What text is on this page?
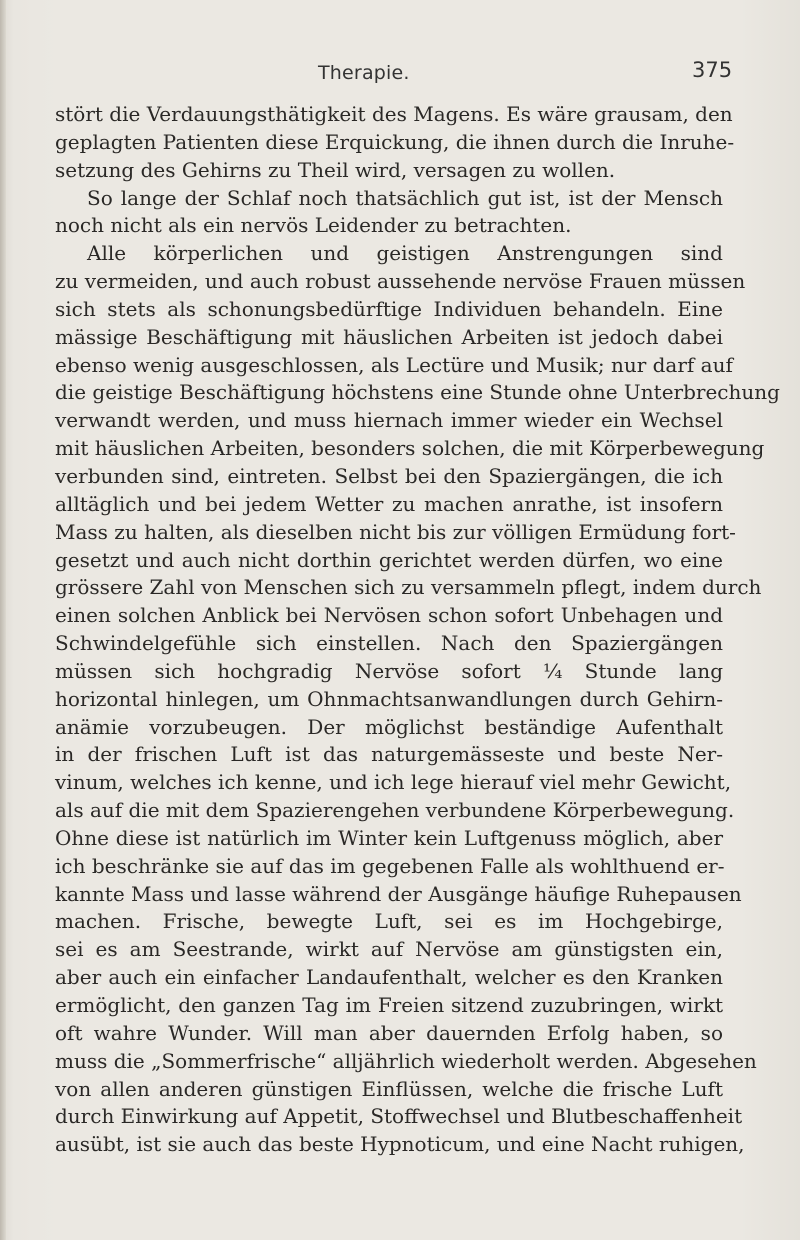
Therapie.	375
stört die Verdauungsthätigkeit des Magens. Es wäre grausam, den
geplagten Patienten diese Erquickung, die ihnen durch die Inruhe-
setzung des Gehirns zu Theil wird, versagen zu wollen.
So lange der Schlaf noch thatsächlich gut ist, ist der Mensch
noch nicht als ein nervös Leidender zu betrachten.
Alle körperlichen und geistigen Anstrengungen sind
zu vermeiden, und auch robust aussehende nervöse Frauen müssen
sich stets als schonungsbedürftige Individuen behandeln. Eine
mässige Beschäftigung mit häuslichen Arbeiten ist jedoch dabei
ebenso wenig ausgeschlossen, als Lectüre und Musik; nur darf auf
die geistige Beschäftigung höchstens eine Stunde ohne Unterbrechung
verwandt werden, und muss hiernach immer wieder ein Wechsel
mit häuslichen Arbeiten, besonders solchen, die mit Körperbewegung
verbunden sind, eintreten. Selbst bei den Spaziergängen, die ich
alltäglich und bei jedem Wetter zu machen anrathe, ist insofern
Mass zu halten, als dieselben nicht bis zur völligen Ermüdung fort-
gesetzt und auch nicht dorthin gerichtet werden dürfen, wo eine
grössere Zahl von Menschen sich zu versammeln pflegt, indem durch
einen solchen Anblick bei Nervösen schon sofort Unbehagen und
Schwindelgefühle sich einstellen. Nach den Spaziergängen
müssen sich hochgradig Nervöse sofort ¼ Stunde lang
horizontal hinlegen, um Ohnmachtsanwandlungen durch Gehirn-
anämie vorzubeugen. Der möglichst beständige Aufenthalt
in der frischen Luft ist das naturgemässeste und beste Ner-
vinum, welches ich kenne, und ich lege hierauf viel mehr Gewicht,
als auf die mit dem Spazierengehen verbundene Körperbewegung.
Ohne diese ist natürlich im Winter kein Luftgenuss möglich, aber
ich beschränke sie auf das im gegebenen Falle als wohlthuend er-
kannte Mass und lasse während der Ausgänge häufige Ruhepausen
machen. Frische, bewegte Luft, sei es im Hochgebirge,
sei es am Seestrande, wirkt auf Nervöse am günstigsten ein,
aber auch ein einfacher Landaufenthalt, welcher es den Kranken
ermöglicht, den ganzen Tag im Freien sitzend zuzubringen, wirkt
oft wahre Wunder. Will man aber dauernden Erfolg haben, so
muss die „Sommerfrische“ alljährlich wiederholt werden. Abgesehen
von allen anderen günstigen Einflüssen, welche die frische Luft
durch Einwirkung auf Appetit, Stoffwechsel und Blutbeschaffenheit
ausübt, ist sie auch das beste Hypnoticum, und eine Nacht ruhigen,
